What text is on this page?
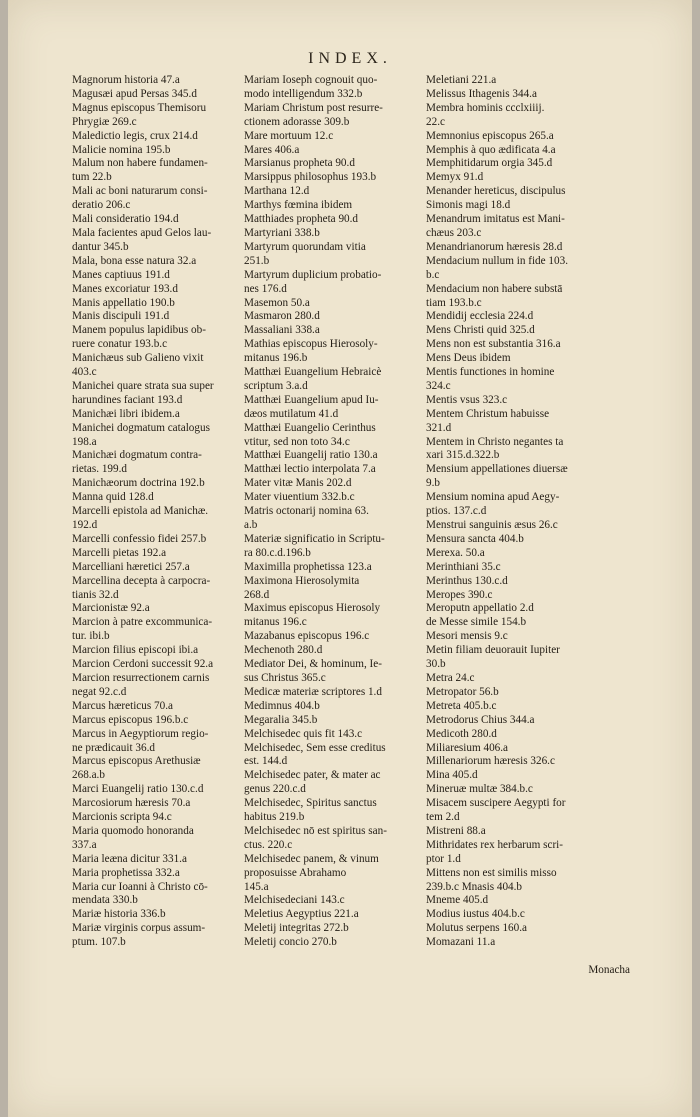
INDEX.
Magnorum historia 47.a
Magusæi apud Persas 345.d
Magnus episcopus Themisoru
Phrygiæ 269.c
Maledictio legis, crux 214.d
Malicie nomina 195.b
Malum non habere fundamen-
tum 22.b
Mali ac boni naturarum consi-
deratio 206.c
Mali consideratio 194.d
Mala facientes apud Gelos lau-
dantur 345.b
Mala, bona esse natura 32.a
Manes captiuus 191.d
Manes excoriatur 193.d
Manis appellatio 190.b
Manis discipuli 191.d
Manem populus lapidibus ob-
ruere conatur 193.b.c
Manichæus sub Galieno vixit
403.c
Manichei quare strata sua super
harundines faciant 193.d
Manichæi libri ibidem.a
Manichei dogmatum catalogus
198.a
Manichæi dogmatum contra-
rietas. 199.d
Manichæorum doctrina 192.b
Manna quid 128.d
Marcelli epistola ad Manichæ.
192.d
Marcelli confessio fidei 257.b
Marcelli pietas 192.a
Marcelliani hæretici 257.a
Marcellina decepta à carpocra-
tianis 32.d
Marcionistæ 92.a
Marcion à patre excommunica-
tur. ibi.b
Marcion filius episcopi ibi.a
Marcion Cerdoni successit 92.a
Marcion resurrectionem carnis
negat 92.c.d
Marcus hæreticus 70.a
Marcus episcopus 196.b.c
Marcus in Aegyptiorum regio-
ne prædicauit 36.d
Marcus episcopus Arethusiæ
268.a.b
Marci Euangelij ratio 130.c.d
Marcosiorum hæresis 70.a
Marcionis scripta 94.c
Maria quomodo honoranda
337.a
Maria leæna dicitur 331.a
Maria prophetissa 332.a
Maria cur Ioanni à Christo cō-
mendata 330.b
Mariæ historia 336.b
Mariæ virginis corpus assum-
ptum. 107.b
Mariam Ioseph cognouit quo-
modo intelligendum 332.b
Mariam Christum post resurre-
ctionem adorasse 309.b
Mare mortuum 12.c
Mares 406.a
Marsianus propheta 90.d
Marsippus philosophus 193.b
Marthana 12.d
Marthys fœmina ibidem
Matthiades propheta 90.d
Martyriani 338.b
Martyrum quorundam vitia
251.b
Martyrum duplicium probatio-
nes 176.d
Masemon 50.a
Masmaron 280.d
Massaliani 338.a
Mathias episcopus Hierosoly-
mitanus 196.b
Matthæi Euangelium Hebraicè
scriptum 3.a.d
Matthæi Euangelium apud Iu-
dæos mutilatum 41.d
Matthæi Euangelio Cerinthus
vtitur, sed non toto 34.c
Matthæi Euangelij ratio 130.a
Matthæi lectio interpolata 7.a
Mater vitæ Manis 202.d
Mater viuentium 332.b.c
Matris octonarij nomina 63.
a.b
Materiæ significatio in Scriptu-
ra 80.c.d.196.b
Maximilla prophetissa 123.a
Maximona Hierosolymita
268.d
Maximus episcopus Hierosoly
mitanus 196.c
Mazabanus episcopus 196.c
Mechenoth 280.d
Mediator Dei, & hominum, Ie-
sus Christus 365.c
Medicæ materiæ scriptores 1.d
Medimnus 404.b
Megaralia 345.b
Melchisedec quis fit 143.c
Melchisedec, Sem esse creditus
est. 144.d
Melchisedec pater, & mater ac
genus 220.c.d
Melchisedec, Spiritus sanctus
habitus 219.b
Melchisedec nō est spiritus san-
ctus. 220.c
Melchisedec panem, & vinum
proposuisse Abrahamo
145.a
Melchisedeciani 143.c
Meletius Aegyptius 221.a
Meletij integritas 272.b
Meletij concio 270.b
Meletiani 221.a
Melissus Ithagenis 344.a
Membra hominis ccclxiiij.
22.c
Memnonius episcopus 265.a
Memphis à quo ædificata 4.a
Memphitidarum orgia 345.d
Memyx 91.d
Menander hereticus, discipulus
Simonis magi 18.d
Menandrum imitatus est Mani-
chæus 203.c
Menandrianorum hæresis 28.d
Mendacium nullum in fide 103.
b.c
Mendacium non habere substā
tiam 193.b.c
Mendidij ecclesia 224.d
Mens Christi quid 325.d
Mens non est substantia 316.a
Mens Deus ibidem
Mentis functiones in homine
324.c
Mentis vsus 323.c
Mentem Christum habuisse
321.d
Mentem in Christo negantes ta
xari 315.d.322.b
Mensium appellationes diuersæ
9.b
Mensium nomina apud Aegy-
ptios. 137.c.d
Menstrui sanguinis æsus 26.c
Mensura sancta 404.b
Merexa. 50.a
Merinthiani 35.c
Merinthus 130.c.d
Meropes 390.c
Meroputn appellatio 2.d
de Messe simile 154.b
Mesori mensis 9.c
Metin filiam deuorauit Iupiter
30.b
Metra 24.c
Metropator 56.b
Metreta 405.b.c
Metrodorus Chius 344.a
Medicoth 280.d
Miliaresium 406.a
Millenariorum hæresis 326.c
Mina 405.d
Mineruæ multæ 384.b.c
Misacem suscipere Aegypti for
tem 2.d
Mistreni 88.a
Mithridates rex herbarum scri-
ptor 1.d
Mittens non est similis misso
239.b.c Mnasis 404.b
Mneme 405.d
Modius iustus 404.b.c
Molutus serpens 160.a
Momazani 11.a
Monacha
